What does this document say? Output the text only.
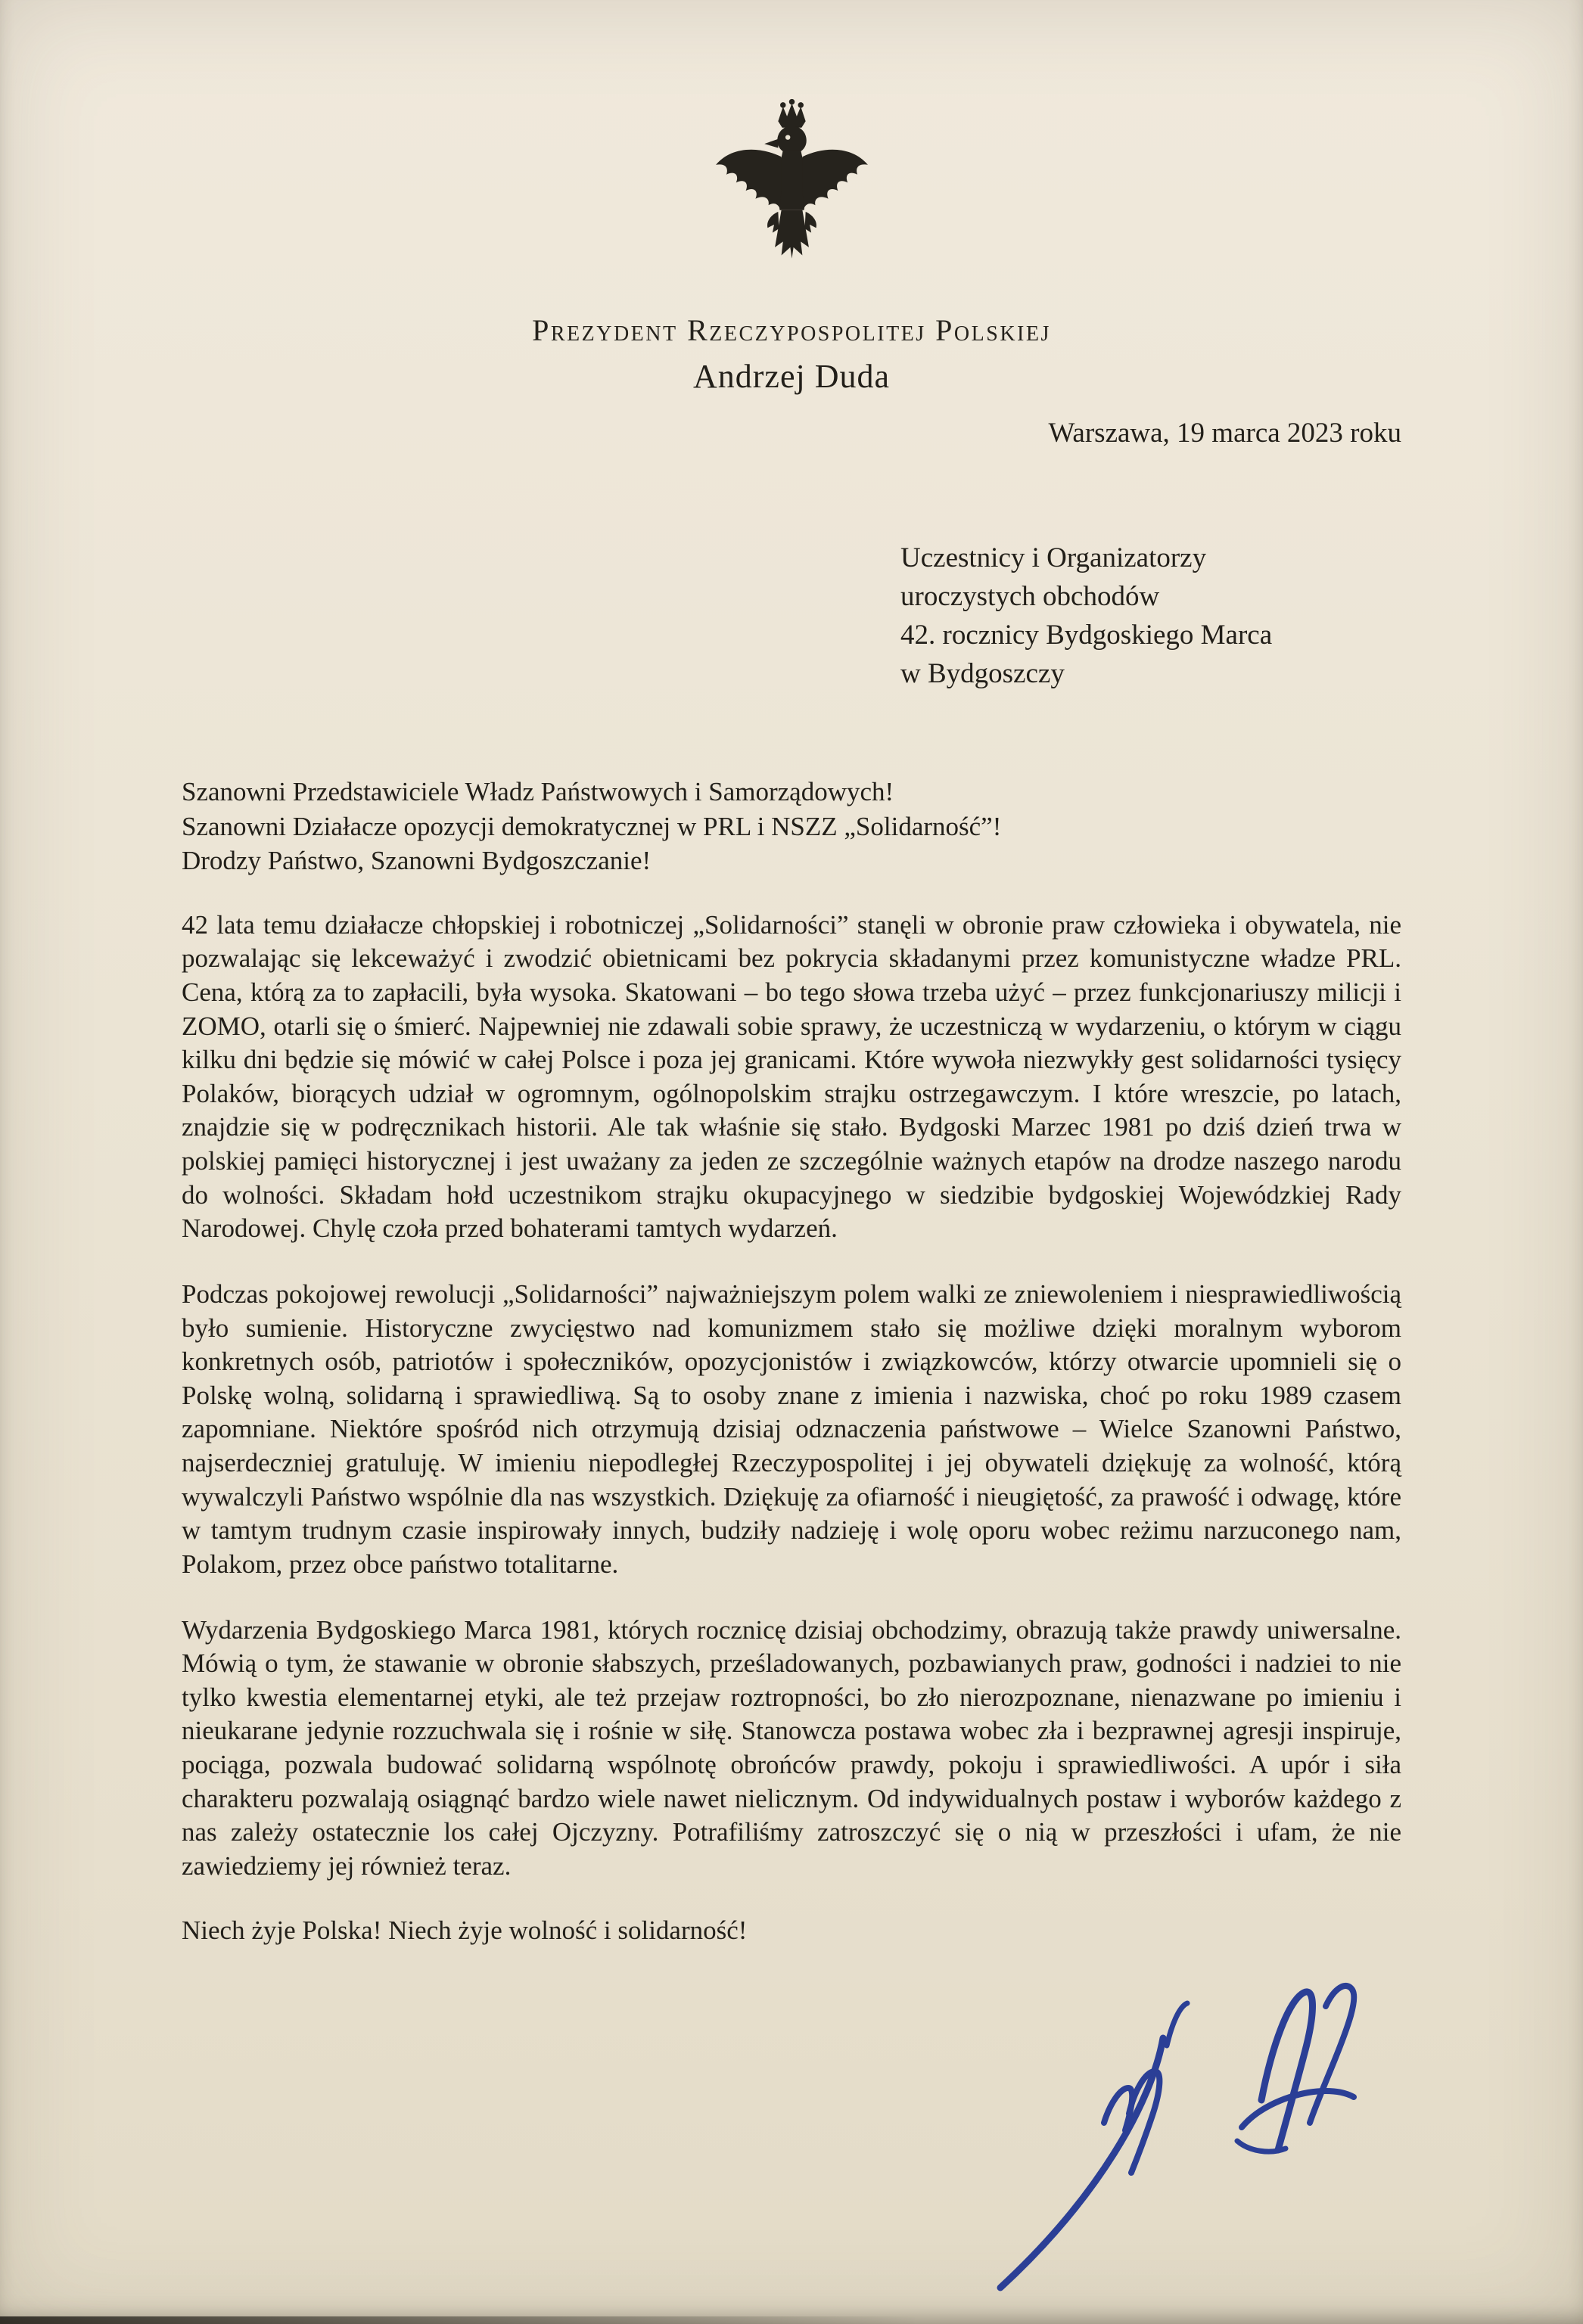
Prezydent Rzeczypospolitej Polskiej
Andrzej Duda
Warszawa, 19 marca 2023 roku
Uczestnicy i Organizatorzy
uroczystych obchodów
42. rocznicy Bydgoskiego Marca
w Bydgoszczy
Szanowni Przedstawiciele Władz Państwowych i Samorządowych!
Szanowni Działacze opozycji demokratycznej w PRL i NSZZ „Solidarność”!
Drodzy Państwo, Szanowni Bydgoszczanie!

42 lata temu działacze chłopskiej i robotniczej „Solidarności” stanęli w obronie praw człowieka i obywatela, nie pozwalając się lekceważyć i zwodzić obietnicami bez pokrycia składanymi przez komunistyczne władze PRL. Cena, którą za to zapłacili, była wysoka. Skatowani – bo tego słowa trzeba użyć – przez funkcjonariuszy milicji i ZOMO, otarli się o śmierć. Najpewniej nie zdawali sobie sprawy, że uczestniczą w wydarzeniu, o którym w ciągu kilku dni będzie się mówić w całej Polsce i poza jej granicami. Które wywoła niezwykły gest solidarności tysięcy Polaków, biorących udział w ogromnym, ogólnopolskim strajku ostrzegawczym. I które wreszcie, po latach, znajdzie się w podręcznikach historii. Ale tak właśnie się stało. Bydgoski Marzec 1981 po dziś dzień trwa w polskiej pamięci historycznej i jest uważany za jeden ze szczególnie ważnych etapów na drodze naszego narodu do wolności. Składam hołd uczestnikom strajku okupacyjnego w siedzibie bydgoskiej Wojewódzkiej Rady Narodowej. Chylę czoła przed bohaterami tamtych wydarzeń.

Podczas pokojowej rewolucji „Solidarności” najważniejszym polem walki ze zniewoleniem i niesprawiedliwością było sumienie. Historyczne zwycięstwo nad komunizmem stało się możliwe dzięki moralnym wyborom konkretnych osób, patriotów i społeczników, opozycjonistów i związkowców, którzy otwarcie upomnieli się o Polskę wolną, solidarną i sprawiedliwą. Są to osoby znane z imienia i nazwiska, choć po roku 1989 czasem zapomniane. Niektóre spośród nich otrzymują dzisiaj odznaczenia państwowe – Wielce Szanowni Państwo, najserdeczniej gratuluję. W imieniu niepodległej Rzeczypospolitej i jej obywateli dziękuję za wolność, którą wywalczyli Państwo wspólnie dla nas wszystkich. Dziękuję za ofiarność i nieugiętość, za prawość i odwagę, które w tamtym trudnym czasie inspirowały innych, budziły nadzieję i wolę oporu wobec reżimu narzuconego nam, Polakom, przez obce państwo totalitarne.

Wydarzenia Bydgoskiego Marca 1981, których rocznicę dzisiaj obchodzimy, obrazują także prawdy uniwersalne. Mówią o tym, że stawanie w obronie słabszych, prześladowanych, pozbawianych praw, godności i nadziei to nie tylko kwestia elementarnej etyki, ale też przejaw roztropności, bo zło nierozpoznane, nienazwane po imieniu i nieukarane jedynie rozzuchwala się i rośnie w siłę. Stanowcza postawa wobec zła i bezprawnej agresji inspiruje, pociąga, pozwala budować solidarną wspólnotę obrońców prawdy, pokoju i sprawiedliwości. A upór i siła charakteru pozwalają osiągnąć bardzo wiele nawet nielicznym. Od indywidualnych postaw i wyborów każdego z nas zależy ostatecznie los całej Ojczyzny. Potrafiliśmy zatroszczyć się o nią w przeszłości i ufam, że nie zawiedziemy jej również teraz.

Niech żyje Polska! Niech żyje wolność i solidarność!
